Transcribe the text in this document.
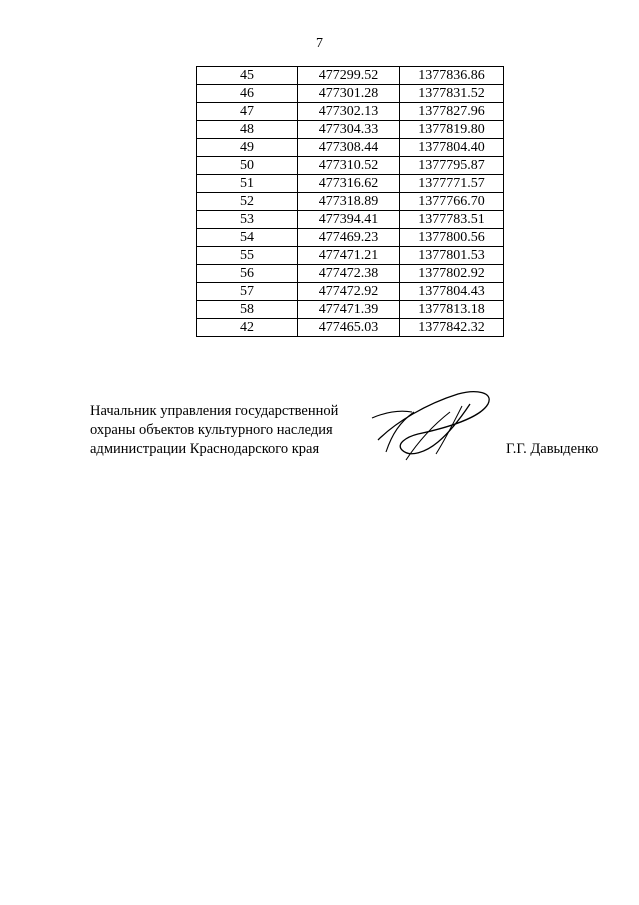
7
45	477299.52	1377836.86
46	477301.28	1377831.52
47	477302.13	1377827.96
48	477304.33	1377819.80
49	477308.44	1377804.40
50	477310.52	1377795.87
51	477316.62	1377771.57
52	477318.89	1377766.70
53	477394.41	1377783.51
54	477469.23	1377800.56
55	477471.21	1377801.53
56	477472.38	1377802.92
57	477472.92	1377804.43
58	477471.39	1377813.18
42	477465.03	1377842.32
Начальник управления государственной
охраны объектов культурного наследия
администрации Краснодарского края	Г.Г. Давыденко
